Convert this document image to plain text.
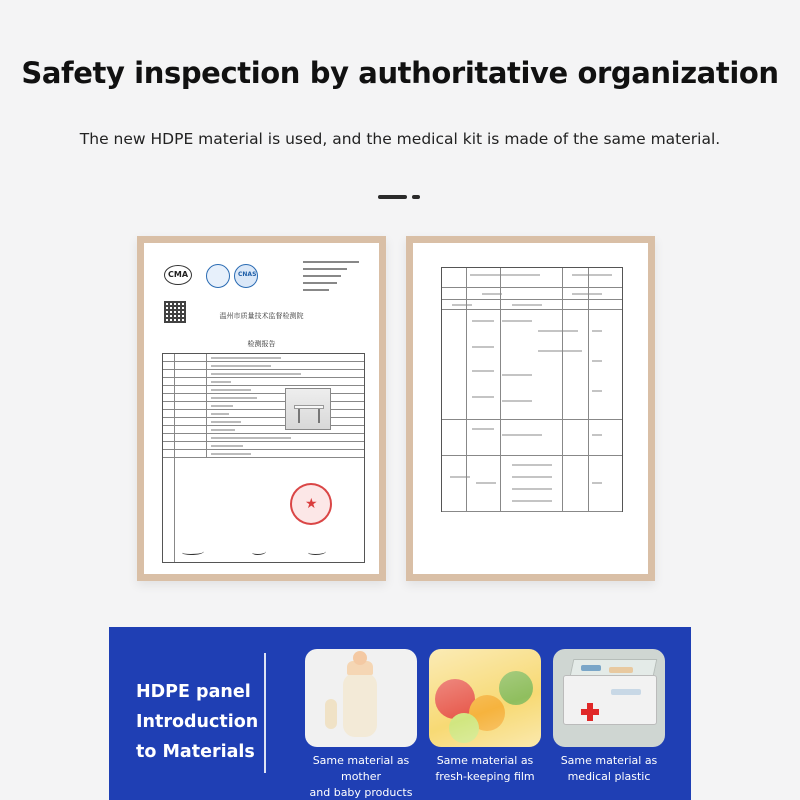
Safety inspection by authoritative organization
The new HDPE material is used, and the medical kit is made of the same material.
CMA	CNAS
温州市质量技术监督检测院
检测报告
★
HDPE panel
Introduction
to Materials	Same material as mother
and baby products
Same material as
fresh-keeping film
Same material as
medical plastic
